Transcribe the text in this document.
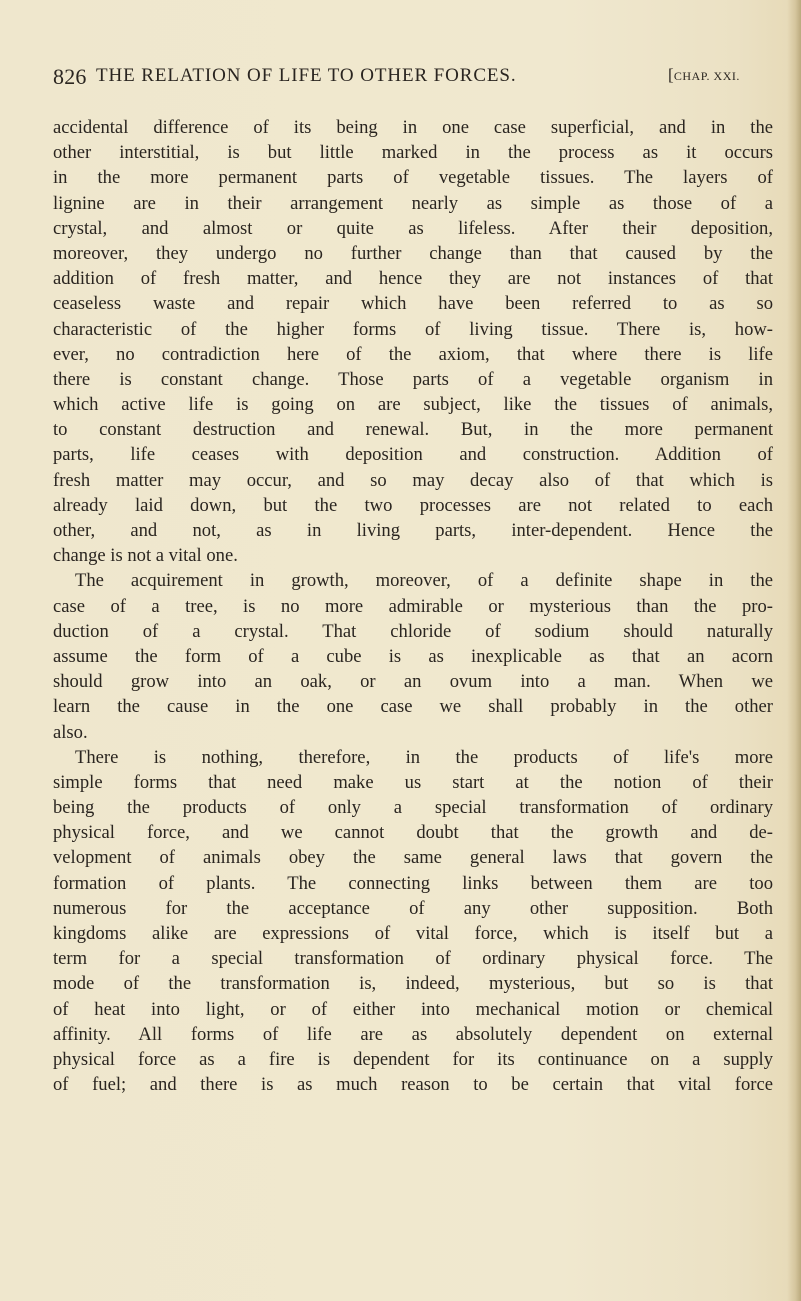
826 THE RELATION OF LIFE TO OTHER FORCES.	[CHAP. XXI.
accidental difference of its being in one case superficial, and in the
other interstitial, is but little marked in the process as it occurs
in the more permanent parts of vegetable tissues. The layers of
lignine are in their arrangement nearly as simple as those of a
crystal, and almost or quite as lifeless. After their deposition,
moreover, they undergo no further change than that caused by the
addition of fresh matter, and hence they are not instances of that
ceaseless waste and repair which have been referred to as so
characteristic of the higher forms of living tissue. There is, how-
ever, no contradiction here of the axiom, that where there is life
there is constant change. Those parts of a vegetable organism in
which active life is going on are subject, like the tissues of animals,
to constant destruction and renewal. But, in the more permanent
parts, life ceases with deposition and construction. Addition of
fresh matter may occur, and so may decay also of that which is
already laid down, but the two processes are not related to each
other, and not, as in living parts, inter-dependent. Hence the
change is not a vital one.
The acquirement in growth, moreover, of a definite shape in the
case of a tree, is no more admirable or mysterious than the pro-
duction of a crystal. That chloride of sodium should naturally
assume the form of a cube is as inexplicable as that an acorn
should grow into an oak, or an ovum into a man. When we
learn the cause in the one case we shall probably in the other
also.
There is nothing, therefore, in the products of life's more
simple forms that need make us start at the notion of their
being the products of only a special transformation of ordinary
physical force, and we cannot doubt that the growth and de-
velopment of animals obey the same general laws that govern the
formation of plants. The connecting links between them are too
numerous for the acceptance of any other supposition. Both
kingdoms alike are expressions of vital force, which is itself but a
term for a special transformation of ordinary physical force. The
mode of the transformation is, indeed, mysterious, but so is that
of heat into light, or of either into mechanical motion or chemical
affinity. All forms of life are as absolutely dependent on external
physical force as a fire is dependent for its continuance on a supply
of fuel; and there is as much reason to be certain that vital force
